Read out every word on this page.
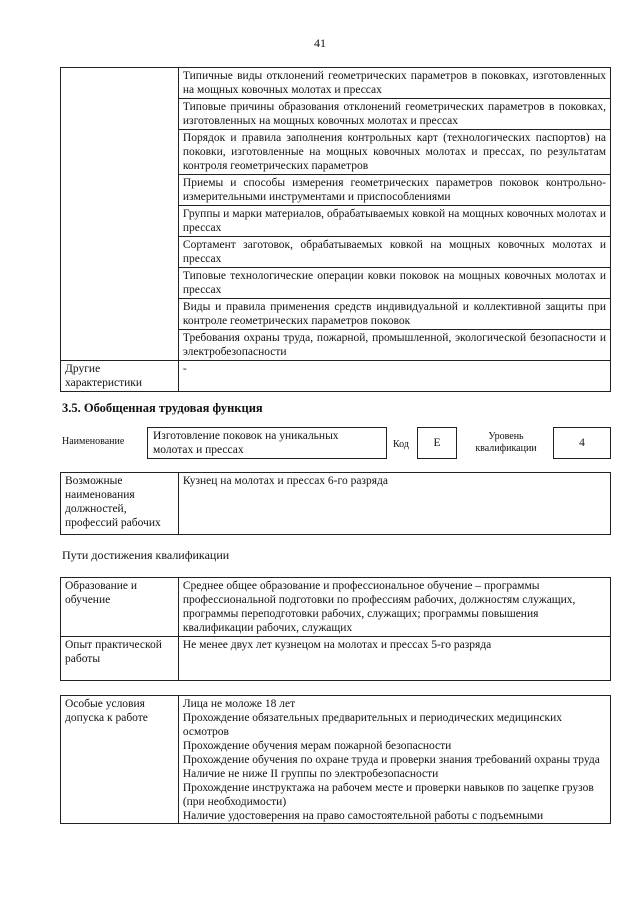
41
	Типичные виды отклонений геометрических параметров в поковках, изготовленных на мощных ковочных молотах и прессах
	Типовые причины образования отклонений геометрических параметров в поковках, изготовленных на мощных ковочных молотах и прессах
	Порядок и правила заполнения контрольных карт (технологических паспортов) на поковки, изготовленные на мощных ковочных молотах и прессах, по результатам контроля геометрических параметров
	Приемы и способы измерения геометрических параметров поковок контрольно-измерительными инструментами и приспособлениями
	Группы и марки материалов, обрабатываемых ковкой на мощных ковочных молотах и прессах
	Сортамент заготовок, обрабатываемых ковкой на мощных ковочных молотах и прессах
	Типовые технологические операции ковки поковок на мощных ковочных молотах и прессах
	Виды и правила применения средств индивидуальной и коллективной защиты при контроле геометрических параметров поковок
	Требования охраны труда, пожарной, промышленной, экологической безопасности и электробезопасности
Другие характеристики	-
3.5. Обобщенная трудовая функция
Наименование	Изготовление поковок на уникальных молотах и прессах	Код	E
Уровень квалификации	4
Возможные наименования должностей, профессий рабочих	Кузнец на молотах и прессах 6-го разряда
Пути достижения квалификации
Образование и обучение	Среднее общее образование и профессиональное обучение – программы профессиональной подготовки по профессиям рабочих, должностям служащих, программы переподготовки рабочих, служащих; программы повышения квалификации рабочих, служащих
Опыт практической работы	Не менее двух лет кузнецом на молотах и прессах 5-го разряда
Особые условия допуска к работе	
Лица не моложе 18 лет
Прохождение обязательных предварительных и периодических медицинских осмотров
Прохождение обучения мерам пожарной безопасности
Прохождение обучения по охране труда и проверки знания требований охраны труда
Наличие не ниже II группы по электробезопасности
Прохождение инструктажа на рабочем месте и проверки навыков по зацепке грузов (при необходимости)
Наличие удостоверения на право самостоятельной работы с подъемными
